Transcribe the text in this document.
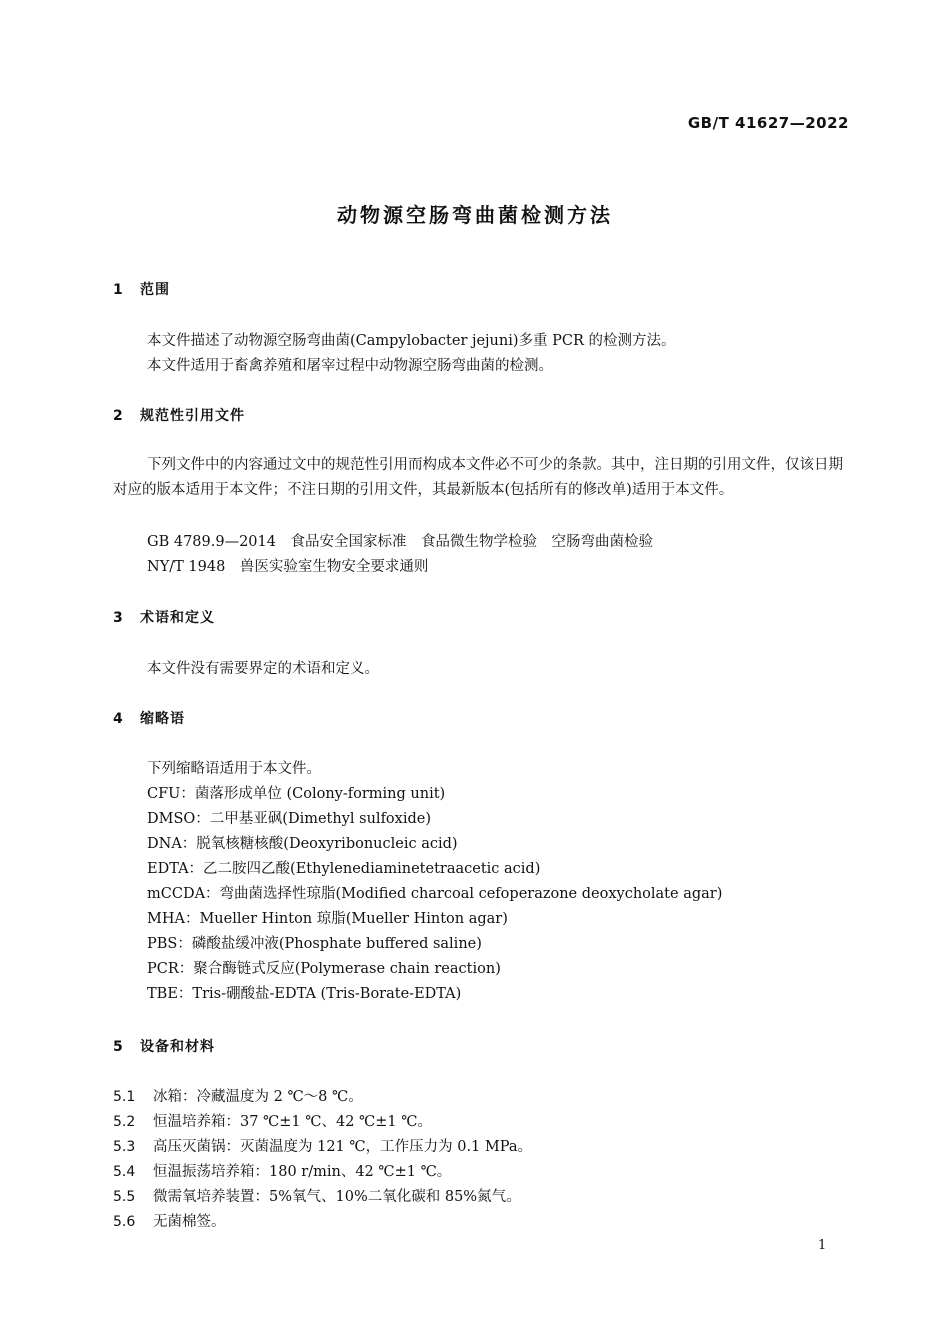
GB/T 41627—2022
动物源空肠弯曲菌检测方法
1 范围
本文件描述了动物源空肠弯曲菌(Campylobacter jejuni)多重 PCR 的检测方法。
本文件适用于畜禽养殖和屠宰过程中动物源空肠弯曲菌的检测。
2 规范性引用文件
下列文件中的内容通过文中的规范性引用而构成本文件必不可少的条款。其中，注日期的引用文件，仅该日期对应的版本适用于本文件；不注日期的引用文件，其最新版本(包括所有的修改单)适用于本文件。
GB 4789.9—2014　食品安全国家标准　食品微生物学检验　空肠弯曲菌检验
NY/T 1948　兽医实验室生物安全要求通则
3 术语和定义
本文件没有需要界定的术语和定义。
4 缩略语
下列缩略语适用于本文件。
CFU：菌落形成单位 (Colony-forming unit)
DMSO：二甲基亚砜(Dimethyl sulfoxide)
DNA：脱氧核糖核酸(Deoxyribonucleic acid)
EDTA：乙二胺四乙酸(Ethylenediaminetetraacetic acid)
mCCDA：弯曲菌选择性琼脂(Modified charcoal cefoperazone deoxycholate agar)
MHA：Mueller Hinton 琼脂(Mueller Hinton agar)
PBS：磷酸盐缓冲液(Phosphate buffered saline)
PCR：聚合酶链式反应(Polymerase chain reaction)
TBE：Tris-硼酸盐-EDTA (Tris-Borate-EDTA)
5 设备和材料
5.1 冰箱：冷藏温度为 2 ℃～8 ℃。
5.2 恒温培养箱：37 ℃±1 ℃、42 ℃±1 ℃。
5.3 高压灭菌锅：灭菌温度为 121 ℃，工作压力为 0.1 MPa。
5.4 恒温振荡培养箱：180 r/min、42 ℃±1 ℃。
5.5 微需氧培养装置：5%氧气、10%二氧化碳和 85%氮气。
5.6 无菌棉签。
1
